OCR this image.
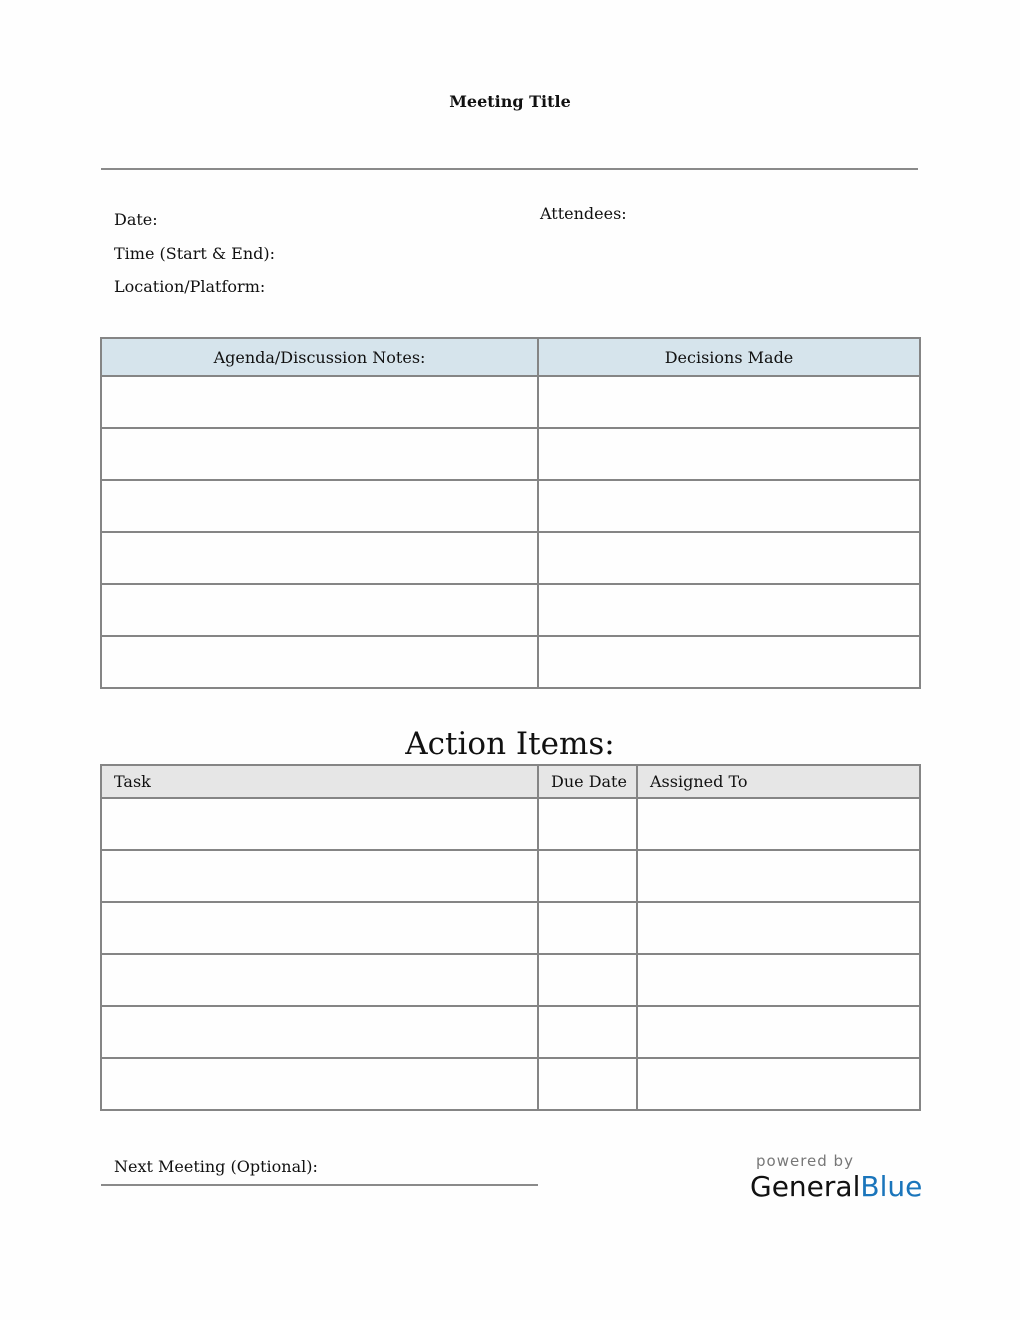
Meeting Title
Date:
Time (Start & End):
Location/Platform:
Attendees:
Agenda/Discussion Notes:	Decisions Made

Action Items:
Task	Due Date	Assigned To

Next Meeting (Optional):	powered by
GeneralBlue
